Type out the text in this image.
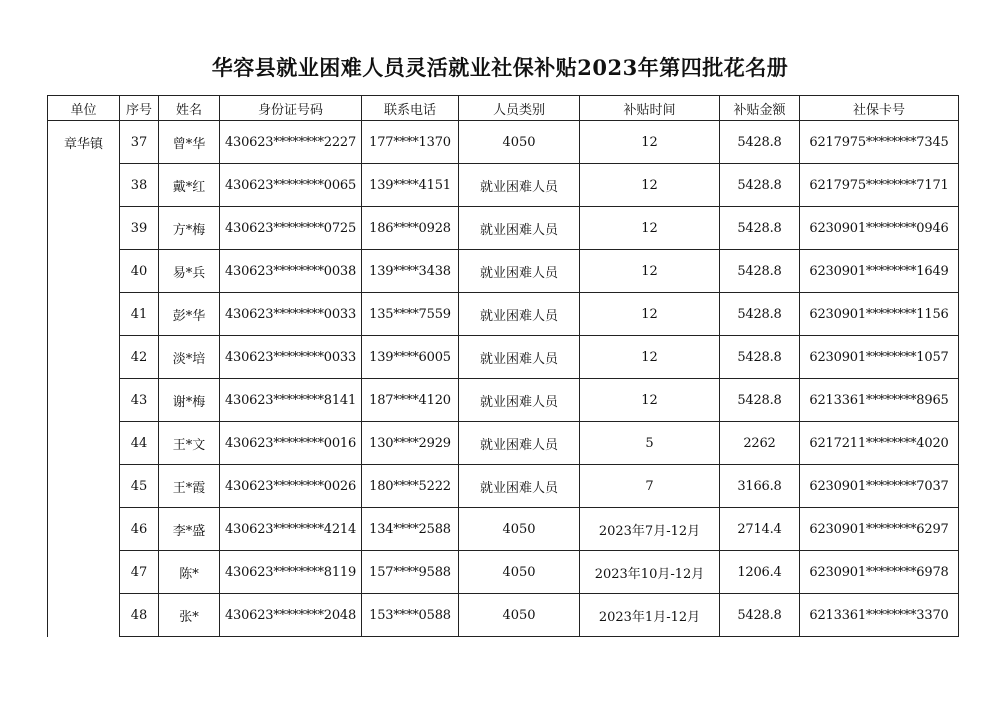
华容县就业困难人员灵活就业社保补贴2023年第四批花名册
单位	序号	姓名	身份证号码	联系电话	人员类别	补贴时间	补贴金额	社保卡号
章华镇	37	曾*华	430623********2227	177****1370	4050	12	5428.8	6217975********7345
	38	戴*红	430623********0065	139****4151	就业困难人员	12	5428.8	6217975********7171
	39	方*梅	430623********0725	186****0928	就业困难人员	12	5428.8	6230901********0946
	40	易*兵	430623********0038	139****3438	就业困难人员	12	5428.8	6230901********1649
	41	彭*华	430623********0033	135****7559	就业困难人员	12	5428.8	6230901********1156
	42	淡*培	430623********0033	139****6005	就业困难人员	12	5428.8	6230901********1057
	43	谢*梅	430623********8141	187****4120	就业困难人员	12	5428.8	6213361********8965
	44	王*文	430623********0016	130****2929	就业困难人员	5	2262	6217211********4020
	45	王*霞	430623********0026	180****5222	就业困难人员	7	3166.8	6230901********7037
	46	李*盛	430623********4214	134****2588	4050	2023年7月-12月	2714.4	6230901********6297
	47	陈*	430623********8119	157****9588	4050	2023年10月-12月	1206.4	6230901********6978
	48	张*	430623********2048	153****0588	4050	2023年1月-12月	5428.8	6213361********3370
